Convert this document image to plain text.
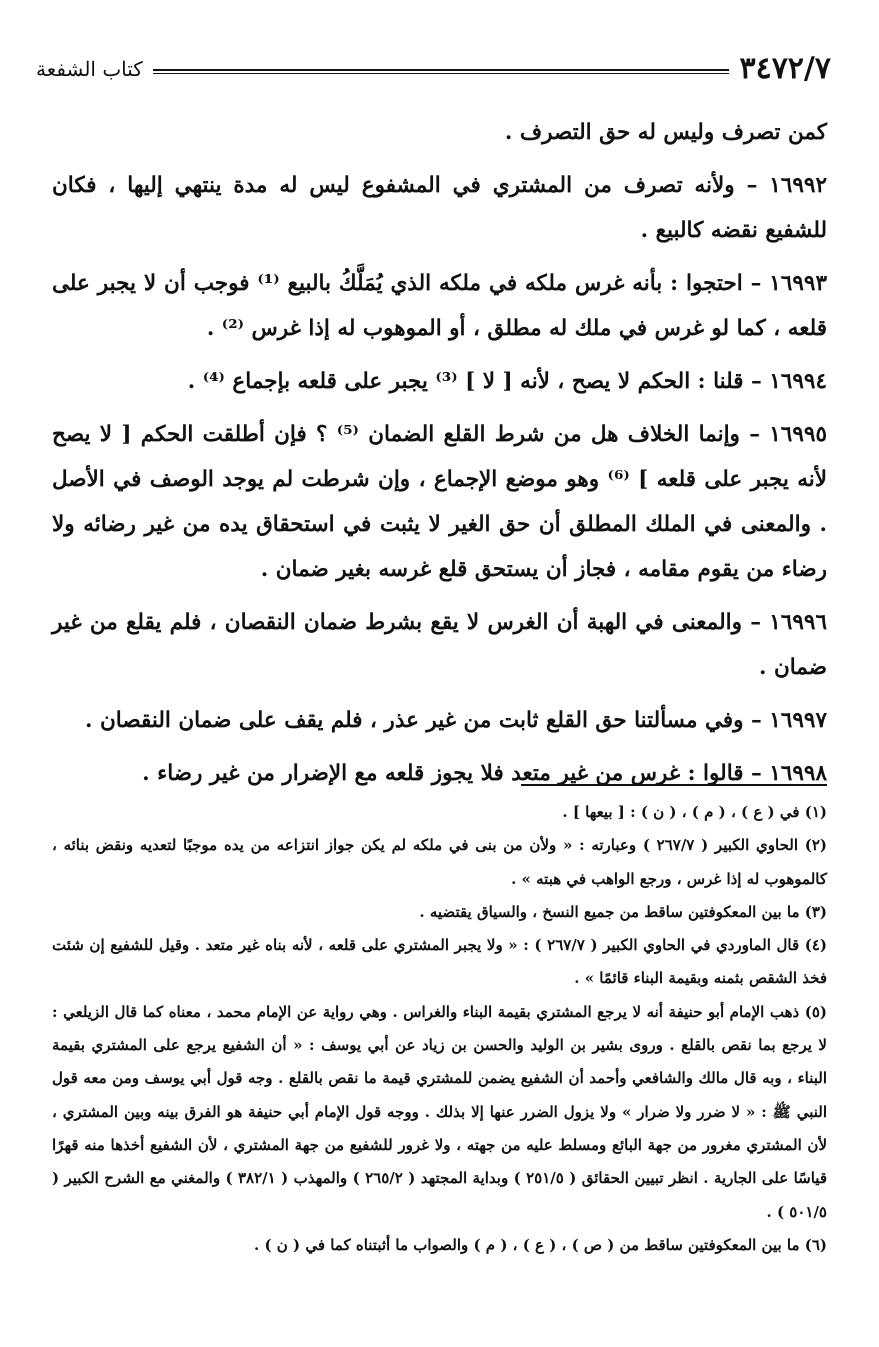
٣٤٧٢/٧
كتاب الشفعة

كمن تصرف وليس له حق التصرف .

١٦٩٩٢ – ولأنه تصرف من المشتري في المشفوع ليس له مدة ينتهي إليها ، فكان للشفيع نقضه كالبيع .

١٦٩٩٣ – احتجوا : بأنه غرس ملكه في ملكه الذي يُمَلَّكُ بالبيع ⁽¹⁾ فوجب أن لا يجبر على قلعه ، كما لو غرس في ملك له مطلق ، أو الموهوب له إذا غرس ⁽²⁾ .

١٦٩٩٤ – قلنا : الحكم لا يصح ، لأنه [ لا ] ⁽³⁾ يجبر على قلعه بإجماع ⁽⁴⁾ .

١٦٩٩٥ – وإنما الخلاف هل من شرط القلع الضمان ⁽⁵⁾ ؟ فإن أطلقت الحكم [ لا يصح لأنه يجبر على قلعه ] ⁽⁶⁾ وهو موضع الإجماع ، وإن شرطت لم يوجد الوصف في الأصل . والمعنى في الملك المطلق أن حق الغير لا يثبت في استحقاق يده من غير رضائه ولا رضاء من يقوم مقامه ، فجاز أن يستحق قلع غرسه بغير ضمان .

١٦٩٩٦ – والمعنى في الهبة أن الغرس لا يقع بشرط ضمان النقصان ، فلم يقلع من غير ضمان .

١٦٩٩٧ – وفي مسألتنا حق القلع ثابت من غير عذر ، فلم يقف على ضمان النقصان .

١٦٩٩٨ – قالوا : غرس من غير متعد فلا يجوز قلعه مع الإضرار من غير رضاء .

(١) في ( ع ) ، ( م ) ، ( ن ) : [ بيعها ] .

(٢) الحاوي الكبير ( ٢٦٧/٧ ) وعبارته : « ولأن من بنى في ملكه لم يكن جواز انتزاعه من يده موجبًا لتعديه ونقض بنائه ، كالموهوب له إذا غرس ، ورجع الواهب في هبته » .

(٣) ما بين المعكوفتين ساقط من جميع النسخ ، والسياق يقتضيه .

(٤) قال الماوردي في الحاوي الكبير ( ٢٦٧/٧ ) : « ولا يجبر المشتري على قلعه ، لأنه بناه غير متعد . وقيل للشفيع إن شئت فخذ الشقص بثمنه وبقيمة البناء قائمًا » .

(٥) ذهب الإمام أبو حنيفة أنه لا يرجع المشتري بقيمة البناء والغراس . وهي رواية عن الإمام محمد ، معناه كما قال الزيلعي : لا يرجع بما نقص بالقلع . وروى بشير بن الوليد والحسن بن زياد عن أبي يوسف : « أن الشفيع يرجع على المشتري بقيمة البناء ، وبه قال مالك والشافعي وأحمد أن الشفيع يضمن للمشتري قيمة ما نقص بالقلع . وجه قول أبي يوسف ومن معه قول النبي ﷺ : « لا ضرر ولا ضرار » ولا يزول الضرر عنها إلا بذلك . ووجه قول الإمام أبي حنيفة هو الفرق بينه وبين المشتري ، لأن المشتري مغرور من جهة البائع ومسلط عليه من جهته ، ولا غرور للشفيع من جهة المشتري ، لأن الشفيع أخذها منه قهرًا قياسًا على الجارية . انظر تبيين الحقائق ( ٢٥١/٥ ) وبداية المجتهد ( ٢٦٥/٢ ) والمهذب ( ٣٨٢/١ ) والمغني مع الشرح الكبير ( ٥٠١/٥ ) .

(٦) ما بين المعكوفتين ساقط من ( ص ) ، ( ع ) ، ( م ) والصواب ما أثبتناه كما في ( ن ) .
